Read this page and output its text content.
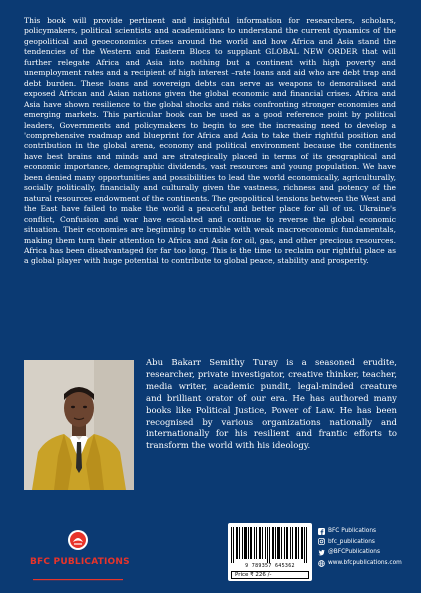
This book will provide pertinent and insightful information for researchers, scholars, policymakers, political scientists and academicians to understand the current dynamics of the geopolitical and geoeconomics crises around the world and how Africa and Asia stand the tendencies of the Western and Eastern Blocs to supplant GLOBAL NEW ORDER that will further relegate Africa and Asia into nothing but a continent with high poverty and unemployment rates and a recipient of high interest –rate loans and aid who are debt trap and debt burden. These loans and sovereign debts can serve as weapons to demoralised and exposed African and Asian nations given the global economic and financial crises. Africa and Asia have shown resilience to the global shocks and risks confronting stronger economies and emerging markets. This particular book can be used as a good reference point by political leaders, Governments and policymakers to begin to see the increasing need to develop a 'comprehensive roadmap and blueprint for Africa and Asia to take their rightful position and contribution in the global arena, economy and political environment because the continents have best brains and minds and are strategically placed in terms of its geographical and economic importance, demographic dividends, vast resources and young population. We have been denied many opportunities and possibilities to lead the world economically, agriculturally, socially politically, financially and culturally given the vastness, richness and potency of the natural resources endowment of the continents. The geopolitical tensions between the West and the East have failed to make the world a peaceful and better place for all of us. Ukraine's conflict, Confusion and war have escalated and continue to reverse the global economic situation. Their economies are beginning to crumble with weak macroeconomic fundamentals, making them turn their attention to Africa and Asia for oil, gas, and other precious resources. Africa has been disadvantaged for far too long. This is the time to reclaim our rightful place as a global player with huge potential to contribute to global peace, stability and prosperity.

Abu Bakarr Semithy Turay is a seasoned erudite, researcher, private investigator, creative thinker, teacher, media writer, academic pundit, legal-minded creature and brilliant orator of our era. He has authored many books like Political Justice, Power of Law. He has been recognised by various organizations nationally and internationally for his resilient and frantic efforts to transform the world with his ideology.

BFC PUBLICATIONS	9 789357 645362
Price ₹ 226 /-
BFC Publications
bfc_publications
@BFCPublications
www.bfcpublications.com
